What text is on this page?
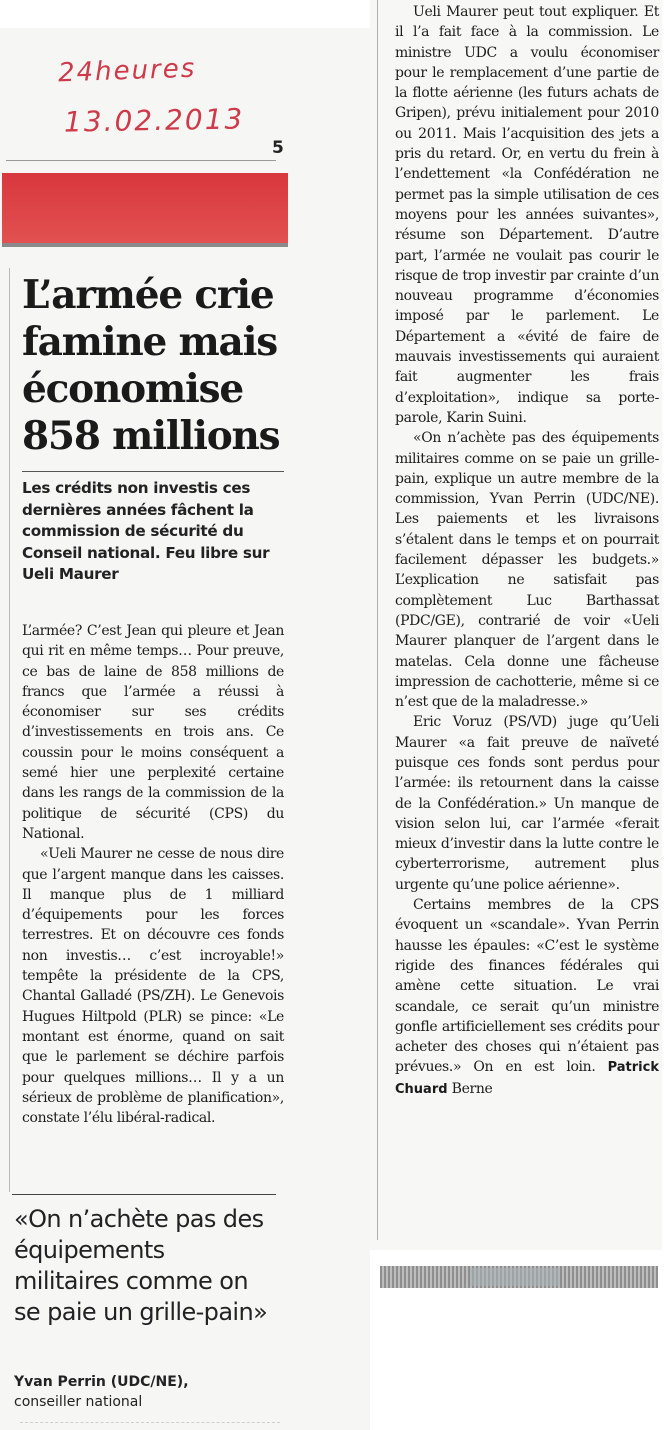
24heures
13.02.2013
5
L’armée crie famine mais économise 858 millions

Les crédits non investis ces dernières années fâchent la commission de sécurité du Conseil national. Feu libre sur Ueli Maurer

L’armée? C’est Jean qui pleure et Jean qui rit en même temps… Pour preuve, ce bas de laine de 858 millions de francs que l’armée a réussi à économiser sur ses crédits d’investissements en trois ans. Ce coussin pour le moins conséquent a semé hier une perplexité certaine dans les rangs de la commission de la politique de sécurité (CPS) du National.

«Ueli Maurer ne cesse de nous dire que l’argent manque dans les caisses. Il manque plus de 1 milliard d’équipements pour les forces terrestres. Et on découvre ces fonds non investis… c’est incroyable!» tempête la présidente de la CPS, Chantal Galladé (PS/ZH). Le Genevois Hugues Hiltpold (PLR) se pince: «Le montant est énorme, quand on sait que le parlement se déchire parfois pour quelques millions… Il y a un sérieux de problème de planification», constate l’élu libéral-radical.

«On n’achète pas des équipements militaires comme on se paie un grille-pain»

Yvan Perrin (UDC/NE),
conseiller national

Ueli Maurer peut tout expliquer. Et il l’a fait face à la commission. Le ministre UDC a voulu économiser pour le remplacement d’une partie de la flotte aérienne (les futurs achats de Gripen), prévu initialement pour 2010 ou 2011. Mais l’acquisition des jets a pris du retard. Or, en vertu du frein à l’endettement «la Confédération ne permet pas la simple utilisation de ces moyens pour les années suivantes», résume son Département. D’autre part, l’armée ne voulait pas courir le risque de trop investir par crainte d’un nouveau programme d’économies imposé par le parlement. Le Département a «évité de faire de mauvais investissements qui auraient fait augmenter les frais d’exploitation», indique sa porte-parole, Karin Suini.

«On n’achète pas des équipements militaires comme on se paie un grille-pain, explique un autre membre de la commission, Yvan Perrin (UDC/NE). Les paiements et les livraisons s’étalent dans le temps et on pourrait facilement dépasser les budgets.» L’explication ne satisfait pas complètement Luc Barthassat (PDC/GE), contrarié de voir «Ueli Maurer planquer de l’argent dans le matelas. Cela donne une fâcheuse impression de cachotterie, même si ce n’est que de la maladresse.»

Eric Voruz (PS/VD) juge qu’Ueli Maurer «a fait preuve de naïveté puisque ces fonds sont perdus pour l’armée: ils retournent dans la caisse de la Confédération.» Un manque de vision selon lui, car l’armée «ferait mieux d’investir dans la lutte contre le cyberterrorisme, autrement plus urgente qu’une police aérienne».

Certains membres de la CPS évoquent un «scandale». Yvan Perrin hausse les épaules: «C’est le système rigide des finances fédérales qui amène cette situation. Le vrai scandale, ce serait qu’un ministre gonfle artificiellement ses crédits pour acheter des choses qui n’étaient pas prévues.» On en est loin. Patrick Chuard Berne
